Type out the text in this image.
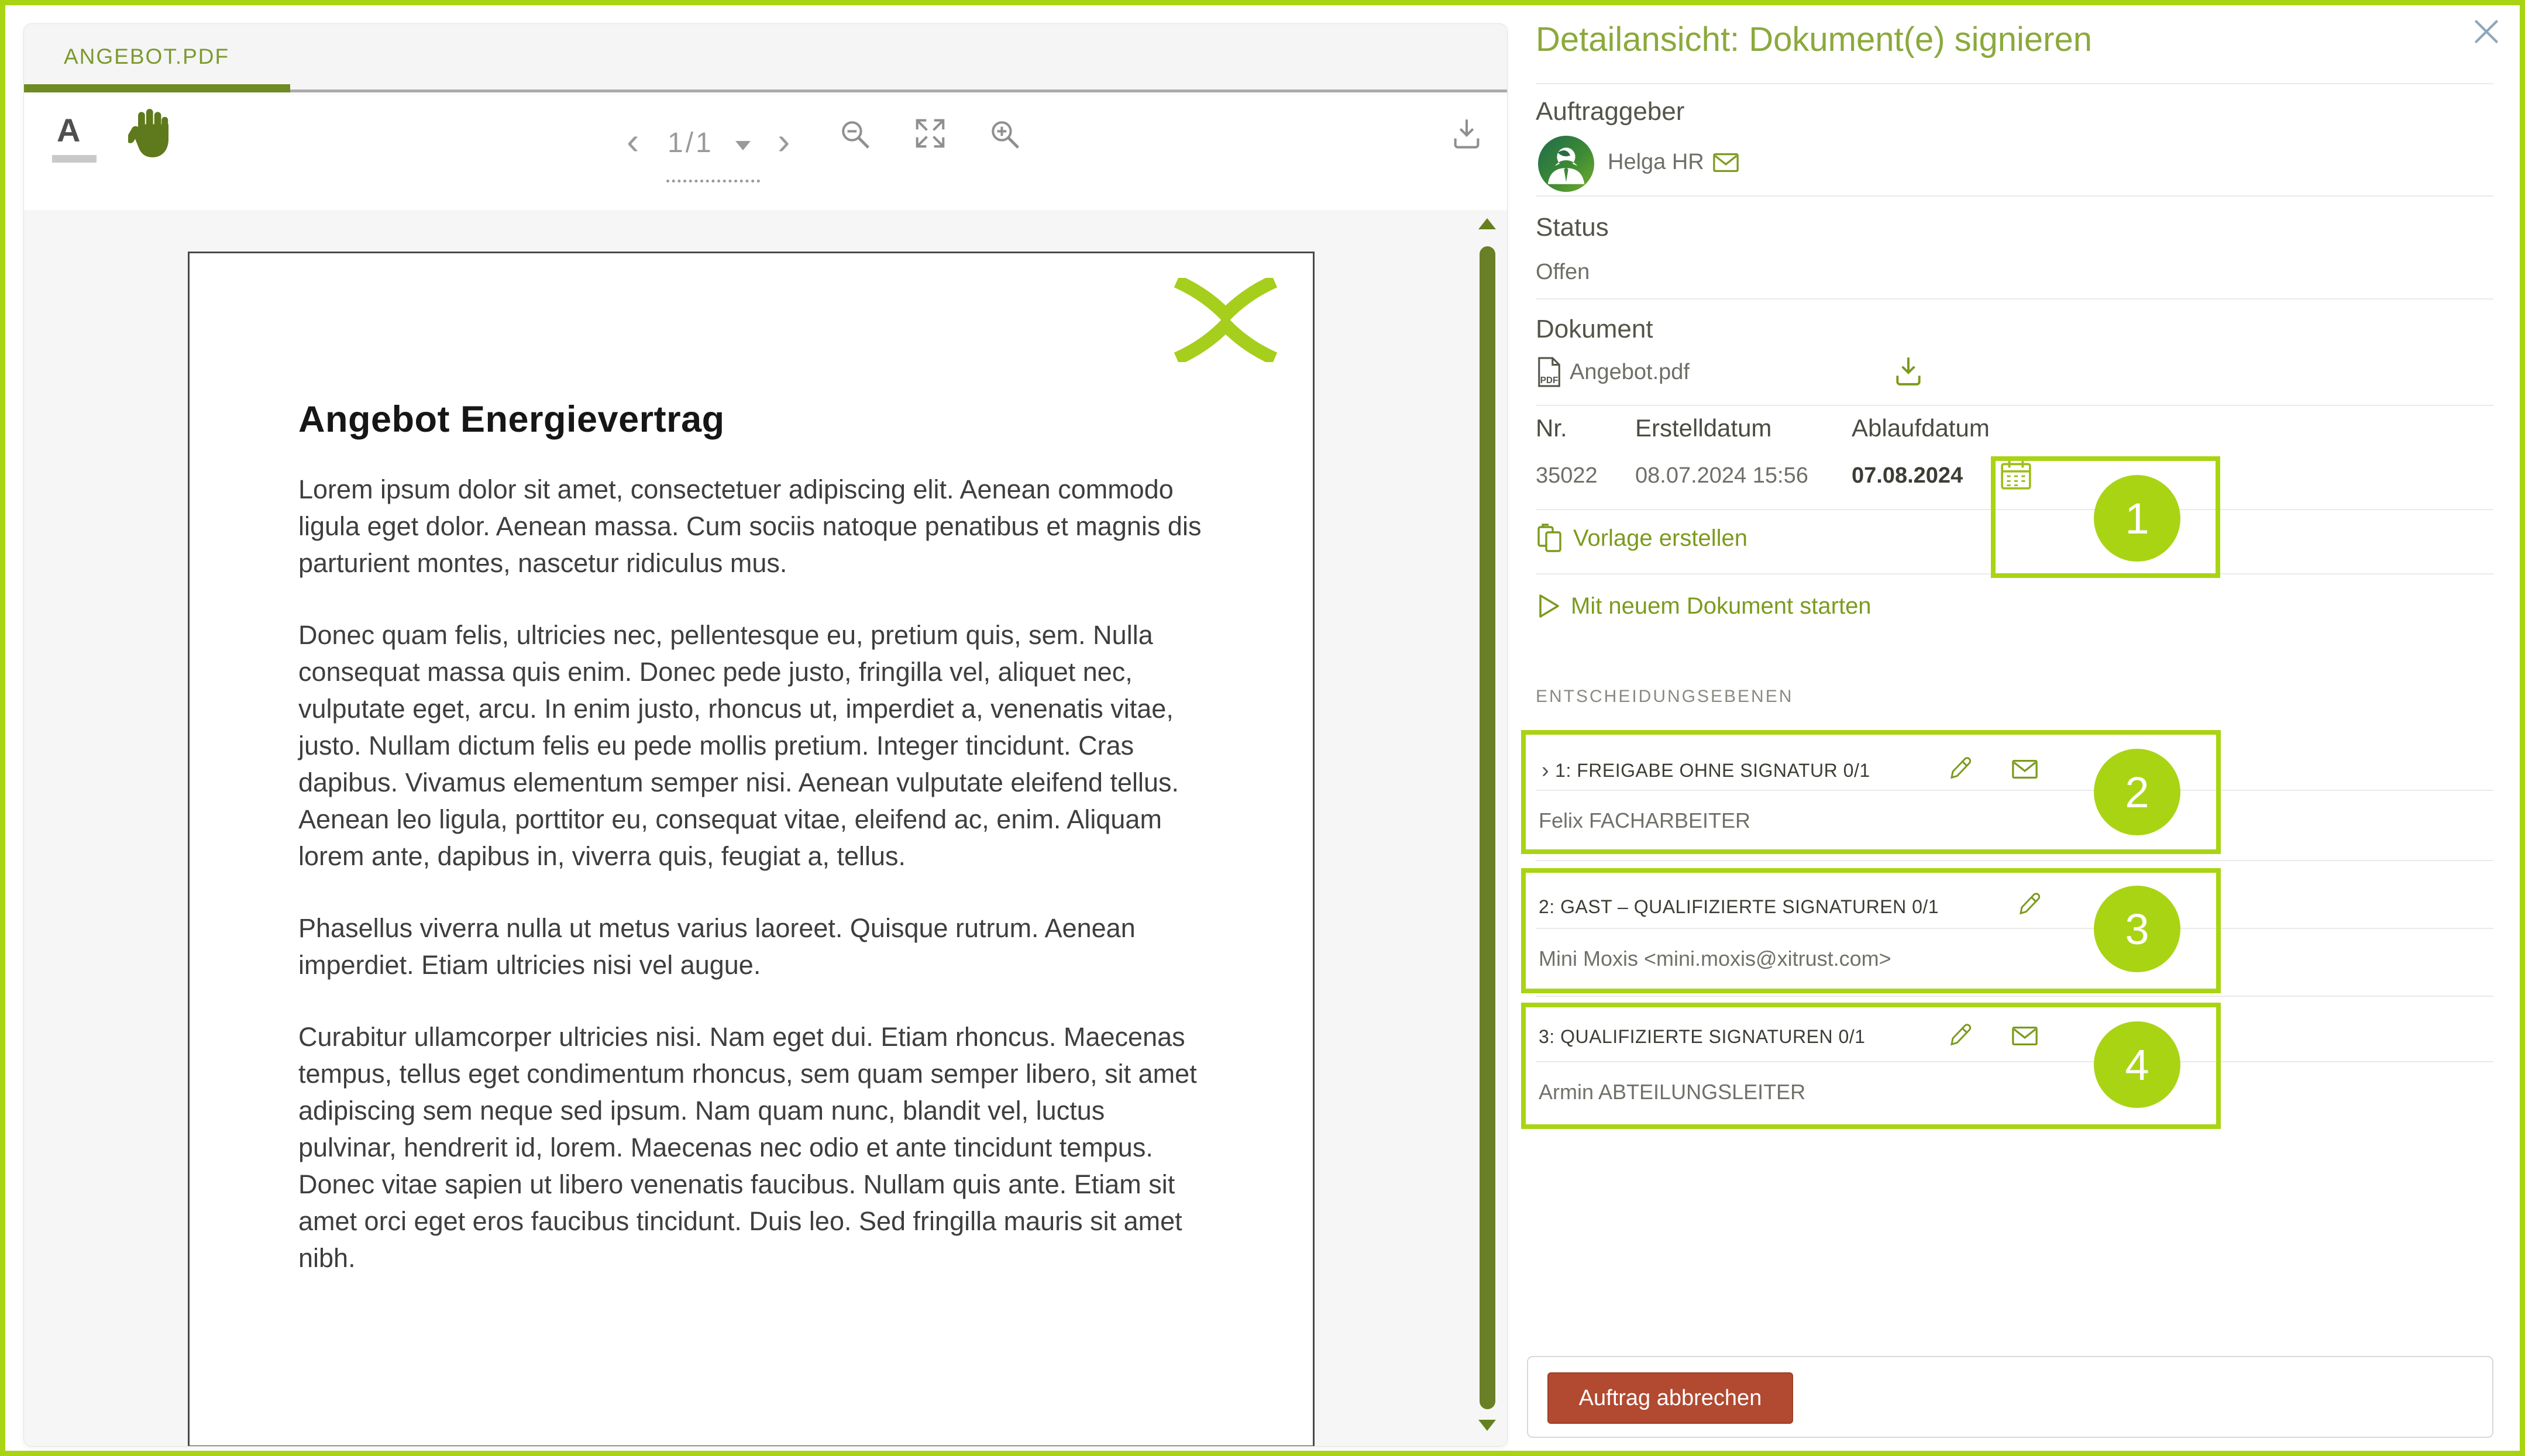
ANGEBOT.PDF
A	‹ 1/1 ›
Angebot Energievertrag

Lorem ipsum dolor sit amet, consectetuer adipiscing elit. Aenean commodo ligula eget dolor. Aenean massa. Cum sociis natoque penatibus et magnis dis parturient montes, nascetur ridiculus mus.

Donec quam felis, ultricies nec, pellentesque eu, pretium quis, sem. Nulla consequat massa quis enim. Donec pede justo, fringilla vel, aliquet nec, vulputate eget, arcu. In enim justo, rhoncus ut, imperdiet a, venenatis vitae, justo. Nullam dictum felis eu pede mollis pretium. Integer tincidunt. Cras dapibus. Vivamus elementum semper nisi. Aenean vulputate eleifend tellus. Aenean leo ligula, porttitor eu, consequat vitae, eleifend ac, enim. Aliquam lorem ante, dapibus in, viverra quis, feugiat a, tellus.

Phasellus viverra nulla ut metus varius laoreet. Quisque rutrum. Aenean imperdiet. Etiam ultricies nisi vel augue.

Curabitur ullamcorper ultricies nisi. Nam eget dui. Etiam rhoncus. Maecenas tempus, tellus eget condimentum rhoncus, sem quam semper libero, sit amet adipiscing sem neque sed ipsum. Nam quam nunc, blandit vel, luctus pulvinar, hendrerit id, lorem. Maecenas nec odio et ante tincidunt tempus. Donec vitae sapien ut libero venenatis faucibus. Nullam quis ante. Etiam sit amet orci eget eros faucibus tincidunt. Duis leo. Sed fringilla mauris sit amet nibh.

Detailansicht: Dokument(e) signieren
Auftraggeber
Helga HR
Status
Offen
Dokument
PDF Angebot.pdf
Nr.	Erstelldatum	Ablaufdatum
35022 08.07.2024 15:56 07.08.2024
Vorlage erstellen
Mit neuem Dokument starten
ENTSCHEIDUNGSEBENEN
› 1: FREIGABE OHNE SIGNATUR 0/1
Felix FACHARBEITER
2: GAST – QUALIFIZIERTE SIGNATUREN 0/1
Mini Moxis <mini.moxis@xitrust.com>
3: QUALIFIZIERTE SIGNATUREN 0/1
Armin ABTEILUNGSLEITER
1
2
3
4
Auftrag abbrechen
